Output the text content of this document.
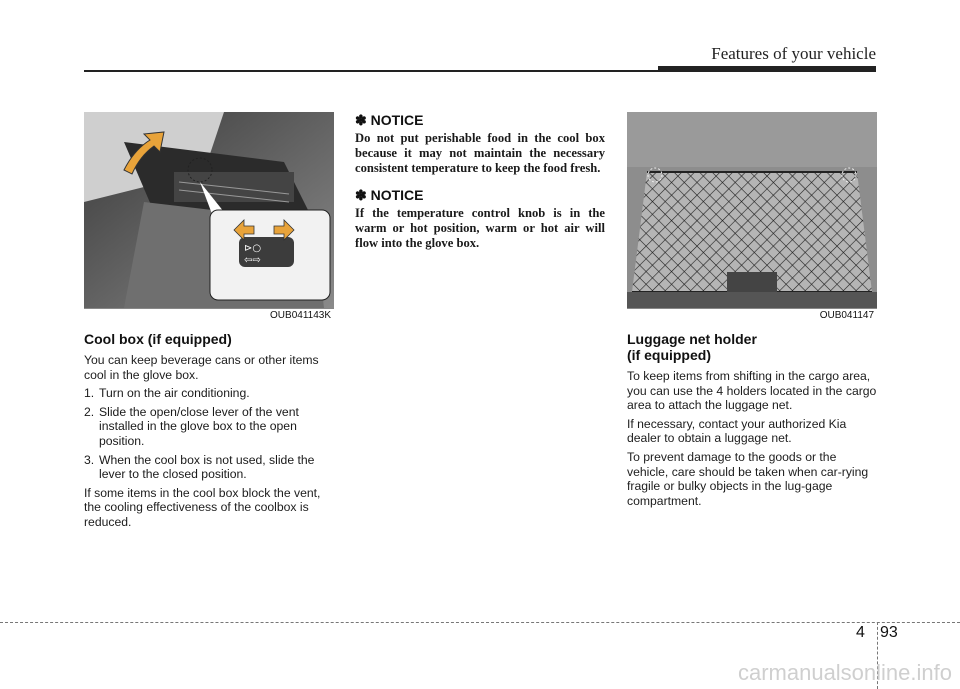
Features of your vehicle
⊳○
⇦⇨
OUB041143K
Cool box (if equipped)

You can keep beverage cans or other items cool in the glove box.

1. Turn on the air conditioning.
2. Slide the open/close lever of the vent installed in the glove box to the open position.
3. When the cool box is not used, slide the lever to the closed position.

If some items in the cool box block the vent, the cooling effectiveness of the coolbox is reduced.

✽ NOTICE
Do not put perishable food in the cool box because it may not maintain the necessary consistent temperature to keep the food fresh.
✽ NOTICE
If the temperature control knob is in the warm or hot position, warm or hot air will flow into the glove box.
OUB041147
Luggage net holder
(if equipped)

To keep items from shifting in the cargo area, you can use the 4 holders located in the cargo area to attach the luggage net.

If necessary, contact your authorized Kia dealer to obtain a luggage net.

To prevent damage to the goods or the vehicle, care should be taken when car-rying fragile or bulky objects in the lug-gage compartment.

4 93
carmanualsonline.info
